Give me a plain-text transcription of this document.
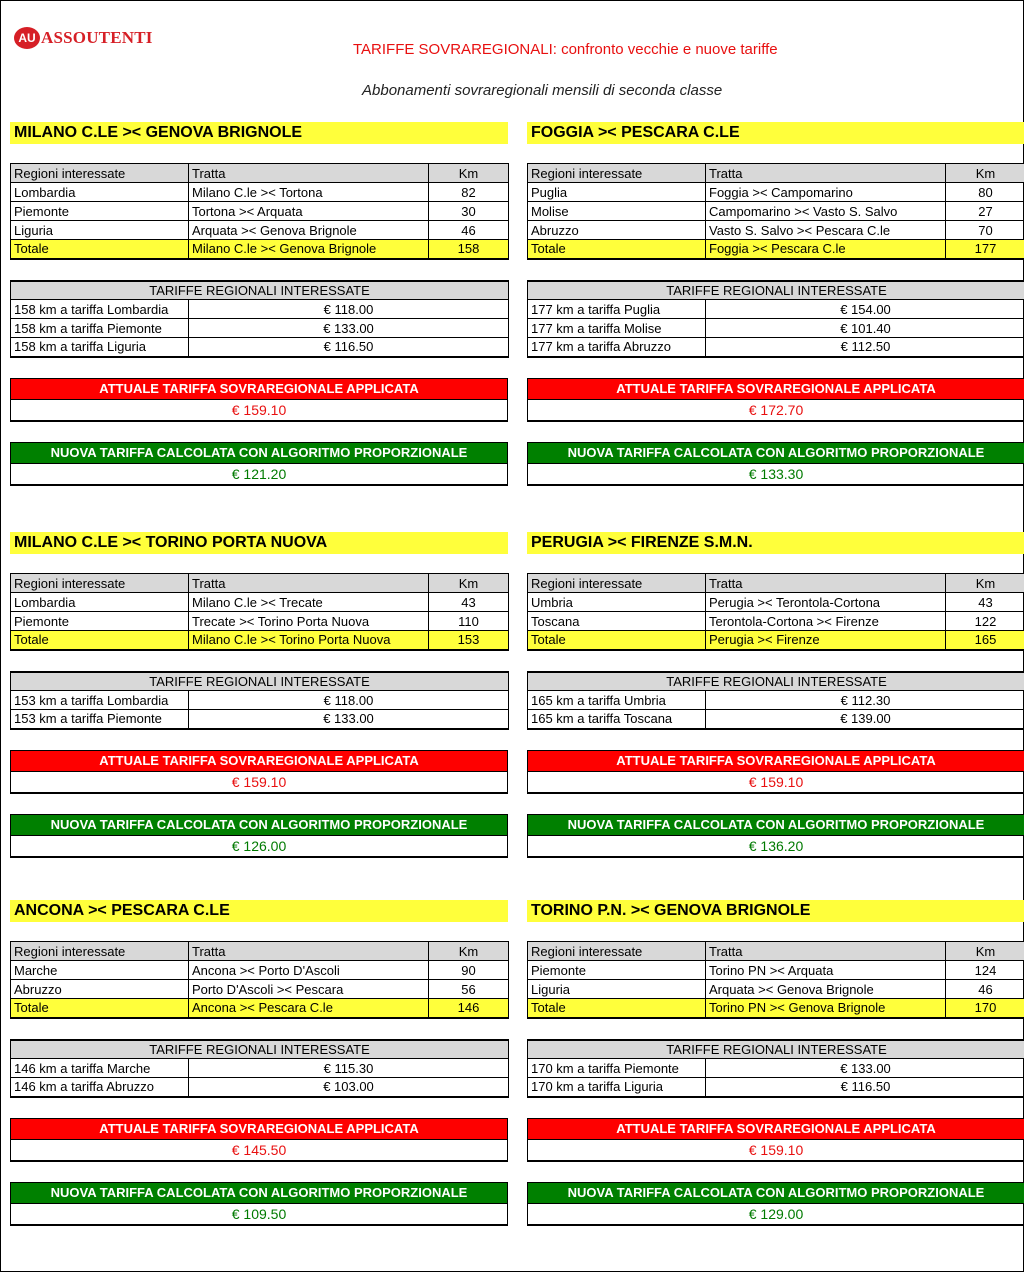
AU ASSOUTENTI
TARIFFE SOVRAREGIONALI: confronto vecchie e nuove tariffe
Abbonamenti sovraregionali mensili di seconda classe
MILANO C.LE >< GENOVA BRIGNOLE
Regioni interessate	Tratta	Km
Lombardia	Milano C.le >< Tortona	82
Piemonte	Tortona >< Arquata	30
Liguria	Arquata >< Genova Brignole	46
Totale	Milano C.le >< Genova Brignole	158
TARIFFE REGIONALI INTERESSATE	
158 km a tariffa Lombardia	€ 118.00
158 km a tariffa Piemonte	€ 133.00
158 km a tariffa Liguria	€ 116.50
ATTUALE TARIFFA SOVRAREGIONALE APPLICATA
€ 159.10
NUOVA TARIFFA CALCOLATA CON ALGORITMO PROPORZIONALE
€ 121.20
FOGGIA >< PESCARA C.LE
Regioni interessate	Tratta	Km
Puglia	Foggia >< Campomarino	80
Molise	Campomarino >< Vasto S. Salvo	27
Abruzzo	Vasto S. Salvo >< Pescara C.le	70
Totale	Foggia >< Pescara C.le	177
TARIFFE REGIONALI INTERESSATE	
177 km a tariffa Puglia	€ 154.00
177 km a tariffa Molise	€ 101.40
177 km a tariffa Abruzzo	€ 112.50
ATTUALE TARIFFA SOVRAREGIONALE APPLICATA
€ 172.70
NUOVA TARIFFA CALCOLATA CON ALGORITMO PROPORZIONALE
€ 133.30
MILANO C.LE >< TORINO PORTA NUOVA
Regioni interessate	Tratta	Km
Lombardia	Milano C.le >< Trecate	43
Piemonte	Trecate >< Torino Porta Nuova	110
Totale	Milano C.le >< Torino Porta Nuova	153
TARIFFE REGIONALI INTERESSATE	
153 km a tariffa Lombardia	€ 118.00
153 km a tariffa Piemonte	€ 133.00
ATTUALE TARIFFA SOVRAREGIONALE APPLICATA
€ 159.10
NUOVA TARIFFA CALCOLATA CON ALGORITMO PROPORZIONALE
€ 126.00
PERUGIA >< FIRENZE S.M.N.
Regioni interessate	Tratta	Km
Umbria	Perugia >< Terontola-Cortona	43
Toscana	Terontola-Cortona >< Firenze	122
Totale	Perugia >< Firenze	165
TARIFFE REGIONALI INTERESSATE	
165 km a tariffa Umbria	€ 112.30
165 km a tariffa Toscana	€ 139.00
ATTUALE TARIFFA SOVRAREGIONALE APPLICATA
€ 159.10
NUOVA TARIFFA CALCOLATA CON ALGORITMO PROPORZIONALE
€ 136.20
ANCONA >< PESCARA C.LE
Regioni interessate	Tratta	Km
Marche	Ancona >< Porto D'Ascoli	90
Abruzzo	Porto D'Ascoli >< Pescara	56
Totale	Ancona >< Pescara C.le	146
TARIFFE REGIONALI INTERESSATE	
146 km a tariffa Marche	€ 115.30
146 km a tariffa Abruzzo	€ 103.00
ATTUALE TARIFFA SOVRAREGIONALE APPLICATA
€ 145.50
NUOVA TARIFFA CALCOLATA CON ALGORITMO PROPORZIONALE
€ 109.50
TORINO P.N. >< GENOVA BRIGNOLE
Regioni interessate	Tratta	Km
Piemonte	Torino PN >< Arquata	124
Liguria	Arquata >< Genova Brignole	46
Totale	Torino PN >< Genova Brignole	170
TARIFFE REGIONALI INTERESSATE	
170 km a tariffa Piemonte	€ 133.00
170 km a tariffa Liguria	€ 116.50
ATTUALE TARIFFA SOVRAREGIONALE APPLICATA
€ 159.10
NUOVA TARIFFA CALCOLATA CON ALGORITMO PROPORZIONALE
€ 129.00
